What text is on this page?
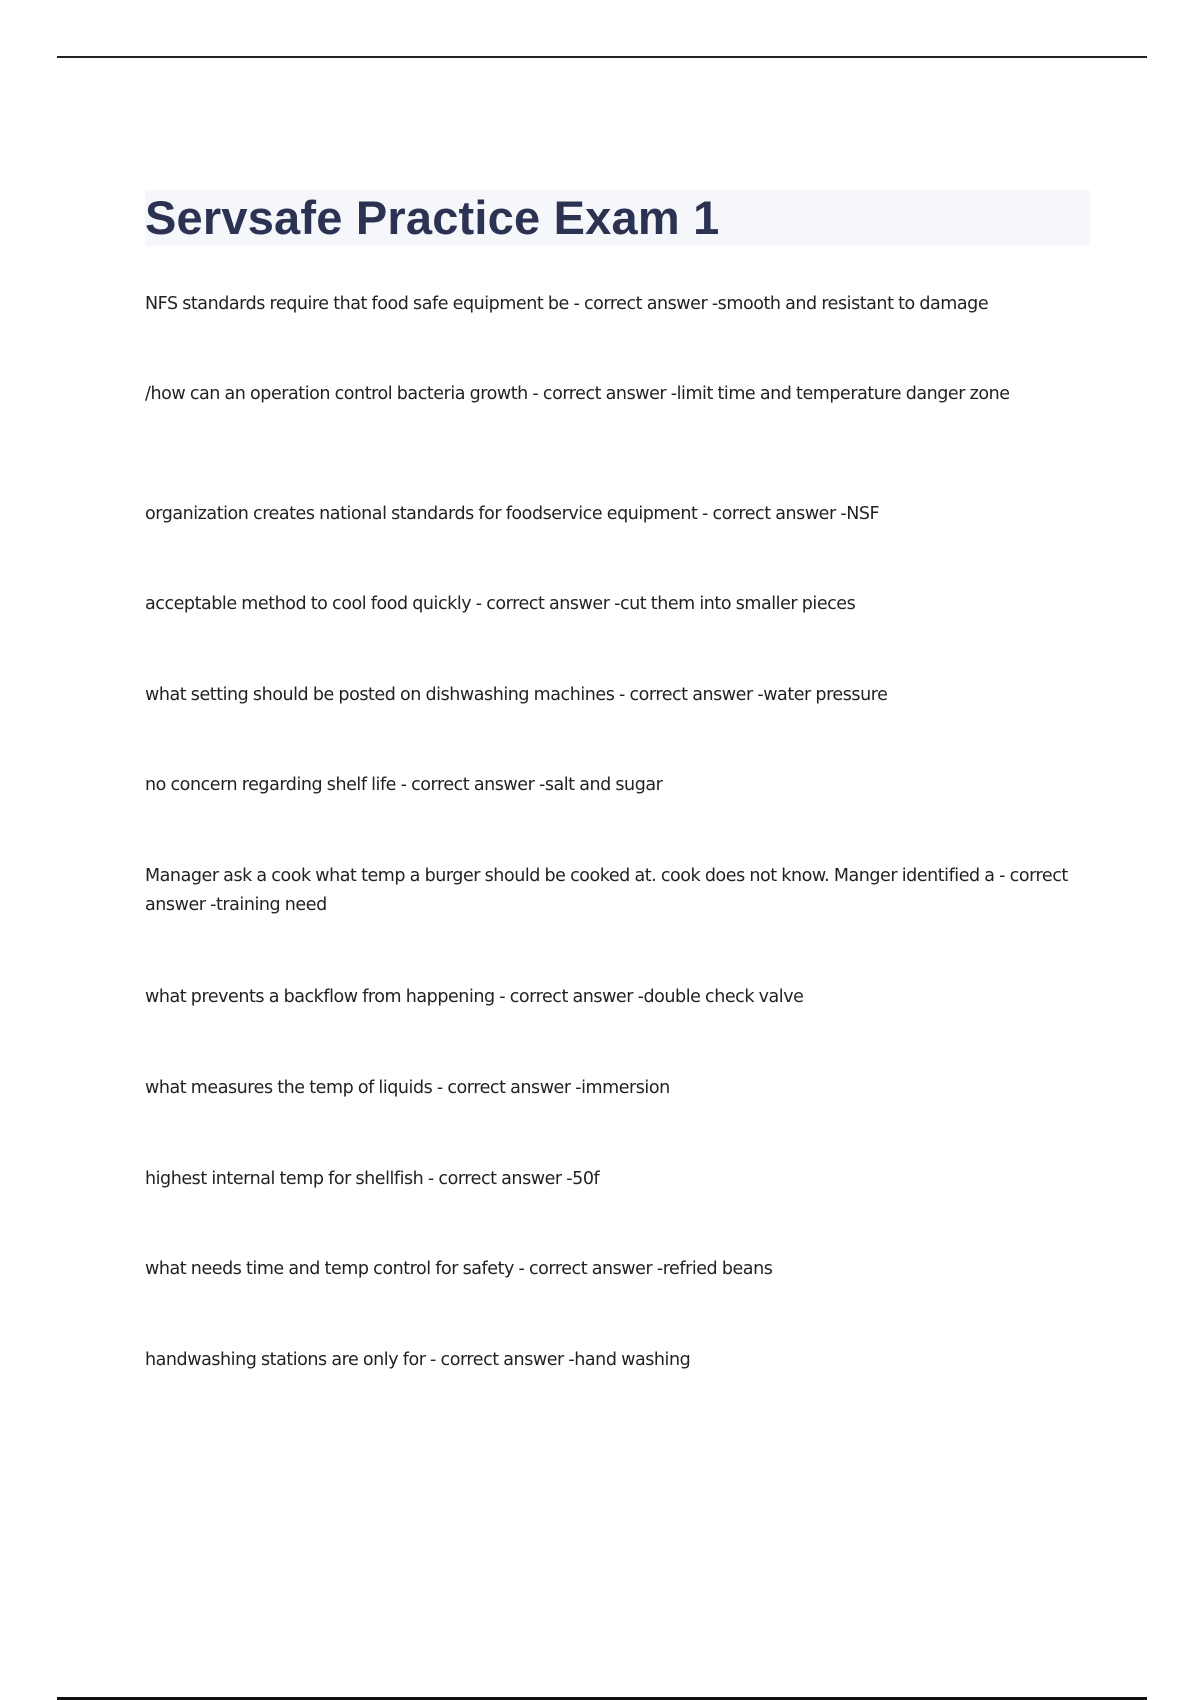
Servsafe Practice Exam 1
NFS standards require that food safe equipment be - correct answer -smooth and resistant to damage
/how can an operation control bacteria growth - correct answer -limit time and temperature danger zone
organization creates national standards for foodservice equipment - correct answer -NSF
acceptable method to cool food quickly - correct answer -cut them into smaller pieces
what setting should be posted on dishwashing machines - correct answer -water pressure
no concern regarding shelf life - correct answer -salt and sugar
Manager ask a cook what temp a burger should be cooked at. cook does not know. Manger identified a - correct answer -training need
what prevents a backflow from happening - correct answer -double check valve
what measures the temp of liquids - correct answer -immersion
highest internal temp for shellfish - correct answer -50f
what needs time and temp control for safety - correct answer -refried beans
handwashing stations are only for - correct answer -hand washing
